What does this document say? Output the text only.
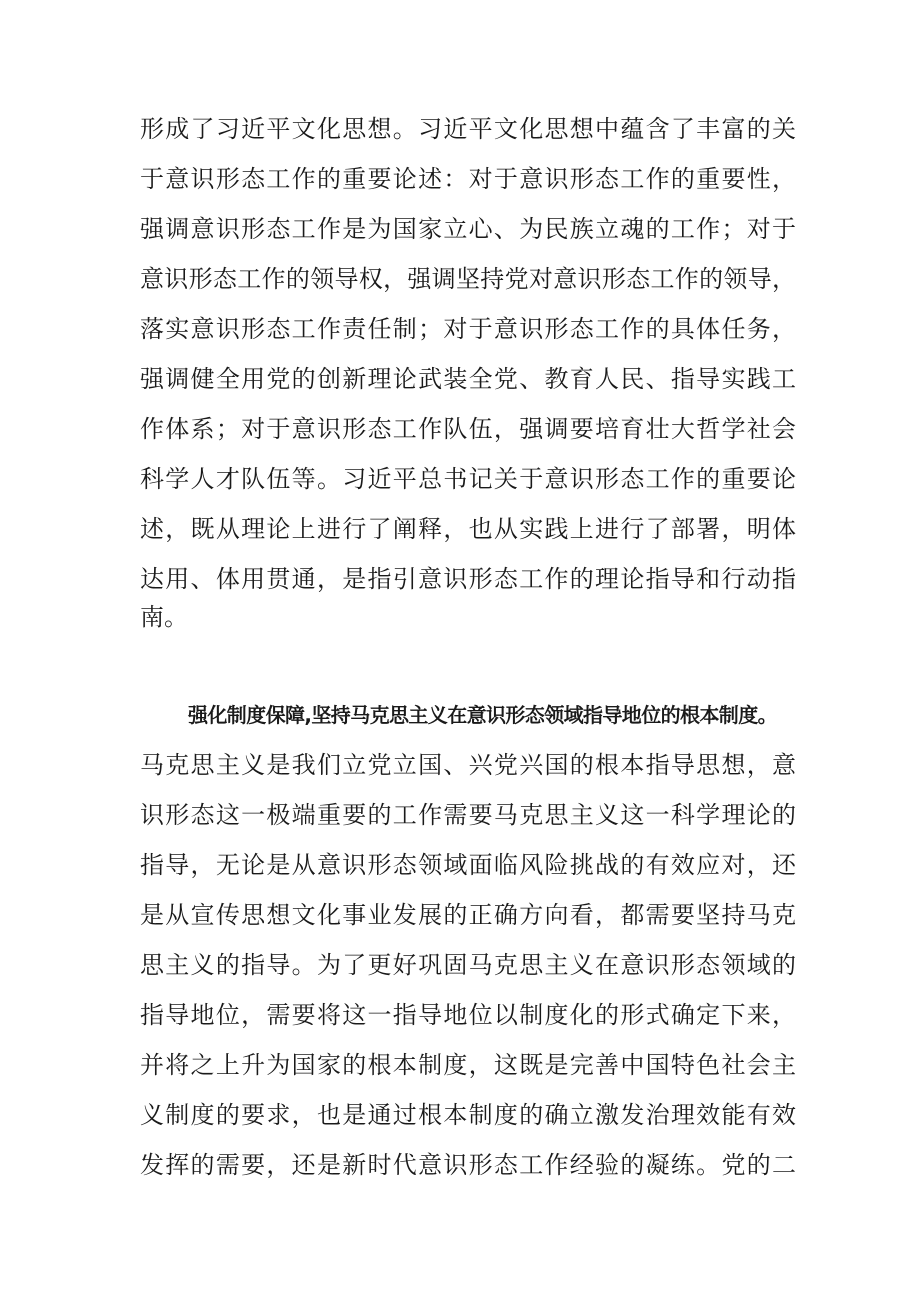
形成了习近平文化思想。习近平文化思想中蕴含了丰富的关
于意识形态工作的重要论述：对于意识形态工作的重要性，
强调意识形态工作是为国家立心、为民族立魂的工作；对于
意识形态工作的领导权，强调坚持党对意识形态工作的领导，
落实意识形态工作责任制；对于意识形态工作的具体任务，
强调健全用党的创新理论武装全党、教育人民、指导实践工
作体系；对于意识形态工作队伍，强调要培育壮大哲学社会
科学人才队伍等。习近平总书记关于意识形态工作的重要论
述，既从理论上进行了阐释，也从实践上进行了部署，明体
达用、体用贯通，是指引意识形态工作的理论指导和行动指
南。
强化制度保障,坚持马克思主义在意识形态领域指导地位的根本制度。
马克思主义是我们立党立国、兴党兴国的根本指导思想，意
识形态这一极端重要的工作需要马克思主义这一科学理论的
指导，无论是从意识形态领域面临风险挑战的有效应对，还
是从宣传思想文化事业发展的正确方向看，都需要坚持马克
思主义的指导。为了更好巩固马克思主义在意识形态领域的
指导地位，需要将这一指导地位以制度化的形式确定下来，
并将之上升为国家的根本制度，这既是完善中国特色社会主
义制度的要求，也是通过根本制度的确立激发治理效能有效
发挥的需要，还是新时代意识形态工作经验的凝练。党的二
